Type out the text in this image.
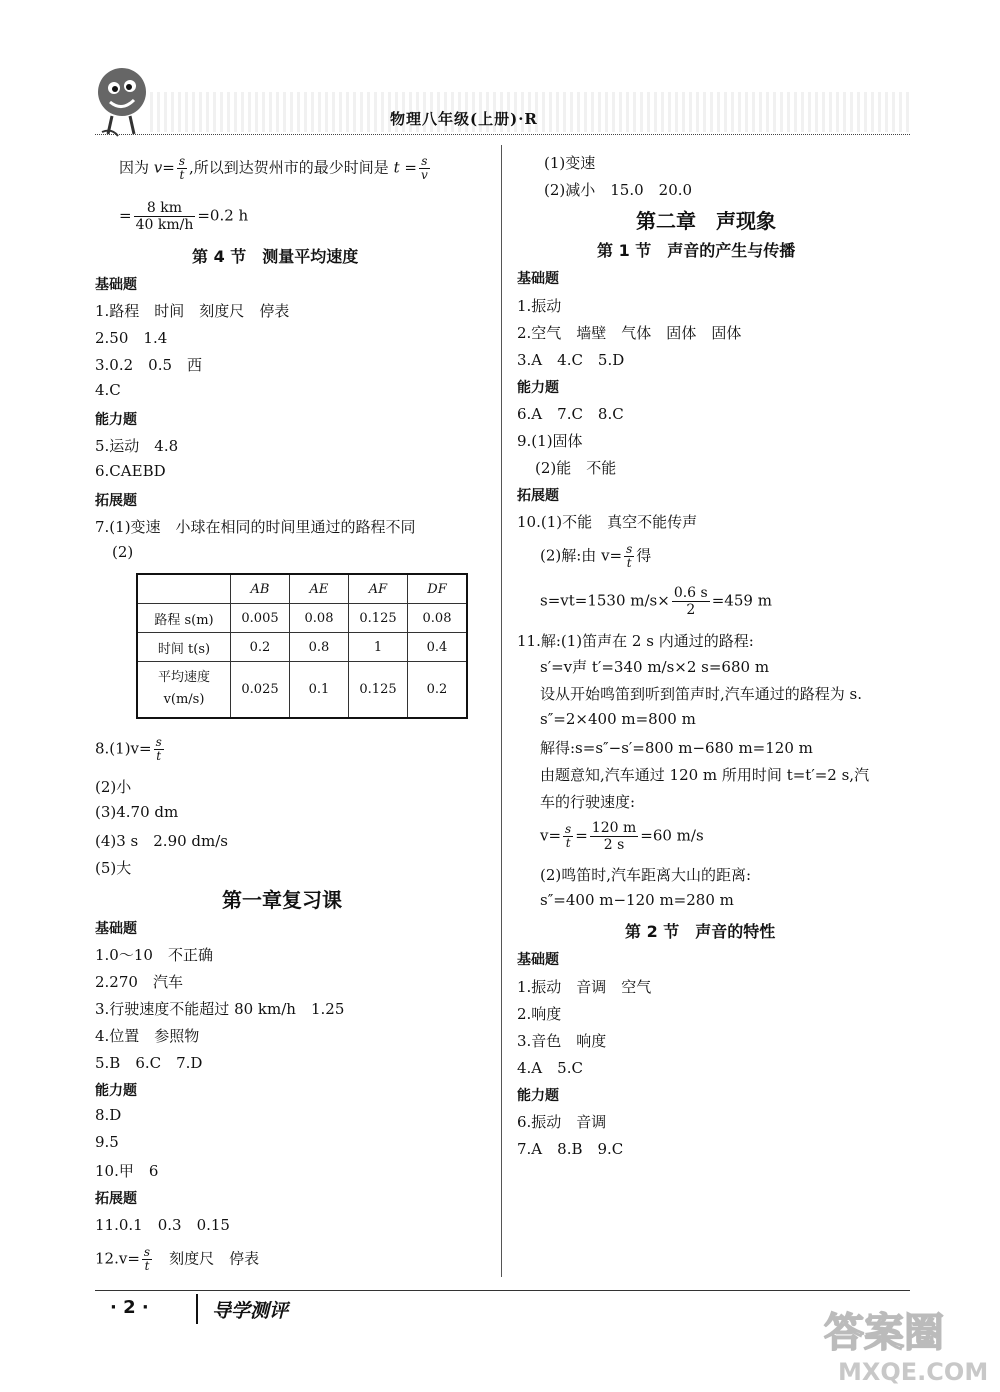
物理八年级(上册)·R
因为 $v= \frac{s}{t}$ ,所以到达贺州市的最少时间是 $t = \frac{s}{v}$
= $\frac{8 km}{40 km/h} =0.2$ h
第 4 节　测量平均速度
基础题
1.路程　时间　刻度尺　停表
2.50　1.4
3.0.2　0.5　西
4.C
能力题
5.运动　4.8
6.CAEBD
拓展题
7.(1)变速　小球在相同的时间里通过的路程不同
(2)
	AB	AE	AF	DF
路程 s(m)	0.005	0.08	0.125	0.08
时间 t(s)	0.2	0.8	1	0.4
平均速度 v(m/s)	0.025	0.1	0.125	0.2
$8.(1)v= \frac{s}{t}$
(2)小
(3)4.70 dm
(4)3 s　2.90 dm/s
(5)大
第一章复习课
基础题
1.0～10　不正确
2.270　汽车
3.行驶速度不能超过 80 km/h　1.25
4.位置　参照物
5.B　6.C　7.D
能力题
8.D
9.5
10.甲　6
拓展题
11.0.1　0.3　0.15
$12.v= \frac{s}{t}$ 　刻度尺　停表
(1)变速
(2)减小　15.0　20.0
第二章　声现象
第 1 节　声音的产生与传播
基础题
1.振动
2.空气　墙壁　气体　固体　固体
3.A　4.C　5.D
能力题
6.A　7.C　8.C
9.(1)固体
(2)能　不能
拓展题
10.(1)不能　真空不能传声
(2)解:由 $v= \frac{s}{t}$ 得
s=vt=1530 $m/s\times \frac{0.6 s}{2} =459$ m
11.解:(1)笛声在 2 s 内通过的路程:
s′=v声 t′=340 m/s×2 s=680 m
设从开始鸣笛到听到笛声时,汽车通过的路程为 s.
s″=2×400 m=800 m
解得:s=s″−s′=800 m−680 m=120 m
由题意知,汽车通过 120 m 所用时间 t=t′=2 s,汽
车的行驶速度:
$v= \frac{s}{t} = \frac{120 m}{2 s} =60$ m/s
(2)鸣笛时,汽车距离大山的距离:
s″=400 m−120 m=280 m
第 2 节　声音的特性
基础题
1.振动　音调　空气
2.响度
3.音色　响度
4.A　5.C
能力题
6.振动　音调
7.A　8.B　9.C
· 2 ·	导学测评	答案圈
MXQE.COM
